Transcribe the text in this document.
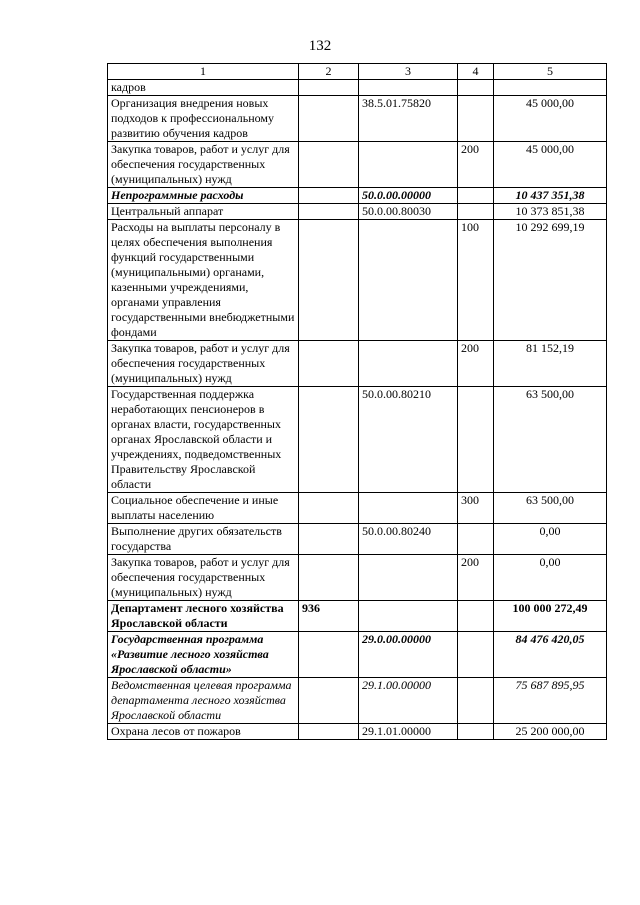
132
1	2	3	4	5
кадров				
Организация внедрения новых подходов к профессиональному развитию обучения кадров		38.5.01.75820		45 000,00
Закупка товаров, работ и услуг для обеспечения государственных (муниципальных) нужд			200	45 000,00
Непрограммные расходы		50.0.00.00000		10 437 351,38
Центральный аппарат		50.0.00.80030		10 373 851,38
Расходы на выплаты персоналу в целях обеспечения выполнения функций государственными (муниципальными) органами, казенными учреждениями, органами управления государственными внебюджетными фондами			100	10 292 699,19
Закупка товаров, работ и услуг для обеспечения государственных (муниципальных) нужд			200	81 152,19
Государственная поддержка неработающих пенсионеров в органах власти, государственных органах Ярославской области и учреждениях, подведомственных Правительству Ярославской области		50.0.00.80210		63 500,00
Социальное обеспечение и иные выплаты населению			300	63 500,00
Выполнение других обязательств государства		50.0.00.80240		0,00
Закупка товаров, работ и услуг для обеспечения государственных (муниципальных) нужд			200	0,00
Департамент лесного хозяйства Ярославской области	936			100 000 272,49
Государственная программа «Развитие лесного хозяйства Ярославской области»		29.0.00.00000		84 476 420,05
Ведомственная целевая программа департамента лесного хозяйства Ярославской области		29.1.00.00000		75 687 895,95
Охрана лесов от пожаров		29.1.01.00000		25 200 000,00
